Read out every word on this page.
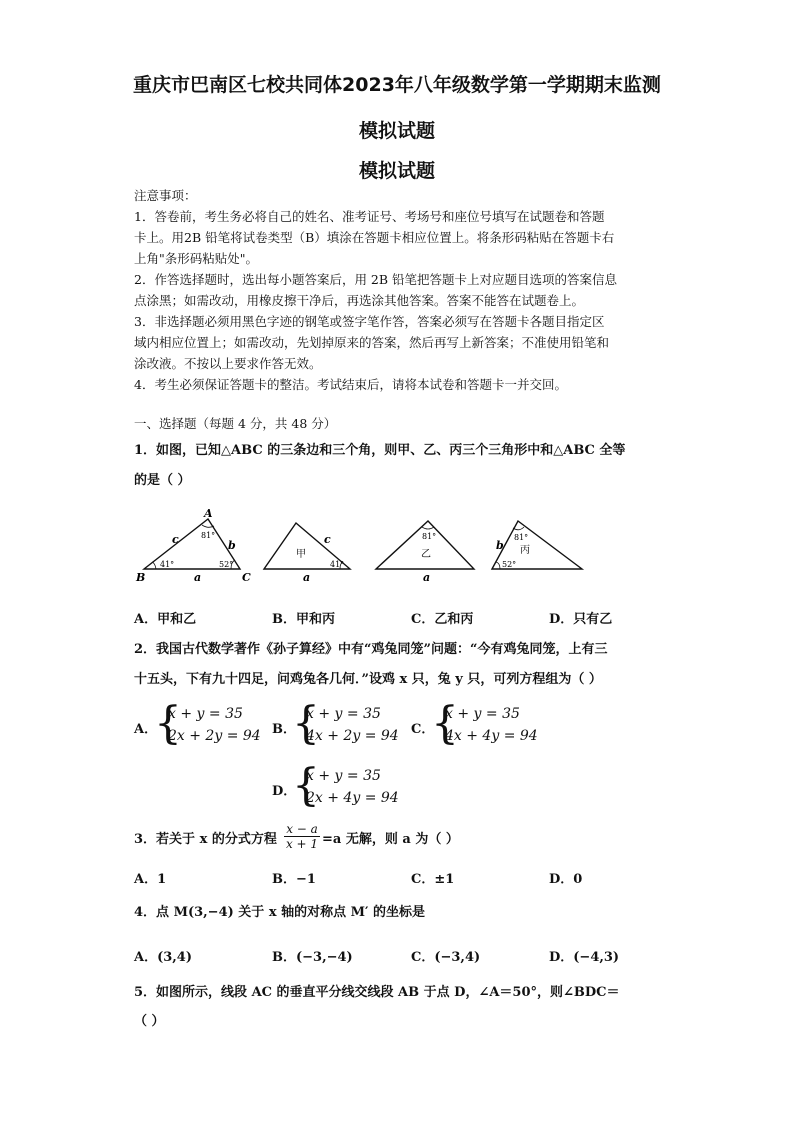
重庆市巴南区七校共同体2023年八年级数学第一学期期末监测
模拟试题
模拟试题
注意事项：
1．答卷前，考生务必将自己的姓名、准考证号、考场号和座位号填写在试题卷和答题
卡上。用2B 铅笔将试卷类型（B）填涂在答题卡相应位置上。将条形码粘贴在答题卡右
上角"条形码粘贴处"。
2．作答选择题时，选出每小题答案后，用 2B 铅笔把答题卡上对应题目选项的答案信息
点涂黑；如需改动，用橡皮擦干净后，再选涂其他答案。答案不能答在试题卷上。
3．非选择题必须用黑色字迹的钢笔或签字笔作答，答案必须写在答题卡各题目指定区
域内相应位置上；如需改动，先划掉原来的答案，然后再写上新答案；不准使用铅笔和
涂改液。不按以上要求作答无效。
4．考生必须保证答题卡的整洁。考试结束后，请将本试卷和答题卡一并交回。
一、选择题（每题 4 分，共 48 分）
1．如图，已知△ABC 的三条边和三个角，则甲、乙、丙三个三角形中和△ABC 全等
的是（ ）
A
B	C
c	b
a
81°
41°	52°
甲
c
a
41°
乙
81°
a
丙
b
81°
52°
A．甲和乙	B．甲和丙	C．乙和丙	D．只有乙
2．我国古代数学著作《孙子算经》中有“鸡兔同笼”问题：“今有鸡兔同笼，上有三
十五头，下有九十四足，问鸡兔各几何．”设鸡 x 只，兔 y 只，可列方程组为（ ）
A．
{
x + y = 35
2x + 2y = 94 B．
{
x + y = 35
4x + 2y = 94 C．
{
x + y = 35
4x + 4y = 94
D．
{
x + y = 35
2x + 4y = 94
3．若关于 x 的分式方程 $\frac{x - a}{x + 1} =a$ 无解，则 a 为（ ）
A．1	B．−1	C．±1	D．0
4．点 M(3,−4) 关于 x 轴的对称点 M′ 的坐标是
A．(3,4)	B．(−3,−4)	C．(−3,4)	D．(−4,3)
5．如图所示，线段 AC 的垂直平分线交线段 AB 于点 D，∠A＝50°，则∠BDC＝
（ ）
